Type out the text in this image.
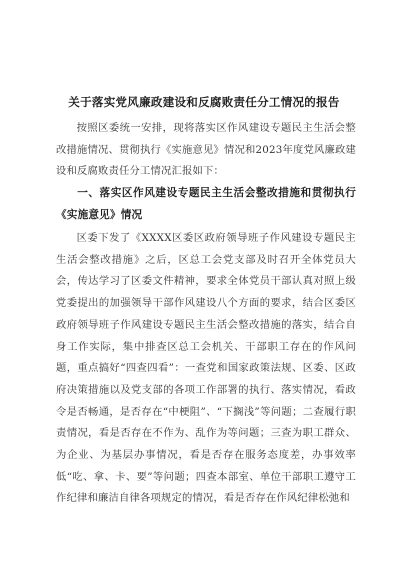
关于落实党风廉政建设和反腐败责任分工情况的报告

按照区委统一安排，现将落实区作风建设专题民主生活会整改措施情况、贯彻执行《实施意见》情况和2023年度党风廉政建设和反腐败责任分工情况汇报如下：

一、落实区作风建设专题民主生活会整改措施和贯彻执行《实施意见》情况

区委下发了《XXXX区委区政府领导班子作风建设专题民主生活会整改措施》之后，区总工会党支部及时召开全体党员大会，传达学习了区委文件精神，要求全体党员干部认真对照上级党委提出的加强领导干部作风建设八个方面的要求，结合区委区政府领导班子作风建设专题民主生活会整改措施的落实，结合自身工作实际，集中排查区总工会机关、干部职工存在的作风问题，重点搞好“四查四看”：一查党和国家政策法规、区委、区政府决策措施以及党支部的各项工作部署的执行、落实情况，看政令是否畅通，是否存在“中梗阻”、“下搁浅”等问题；二查履行职责情况，看是否存在不作为、乱作为等问题；三查为职工群众、为企业、为基层办事情况，看是否存在服务态度差，办事效率低“吃、拿、卡、要”等问题；四查本部室、单位干部职工遵守工作纪律和廉洁自律各项规定的情况，看是否存在作风纪律松弛和
